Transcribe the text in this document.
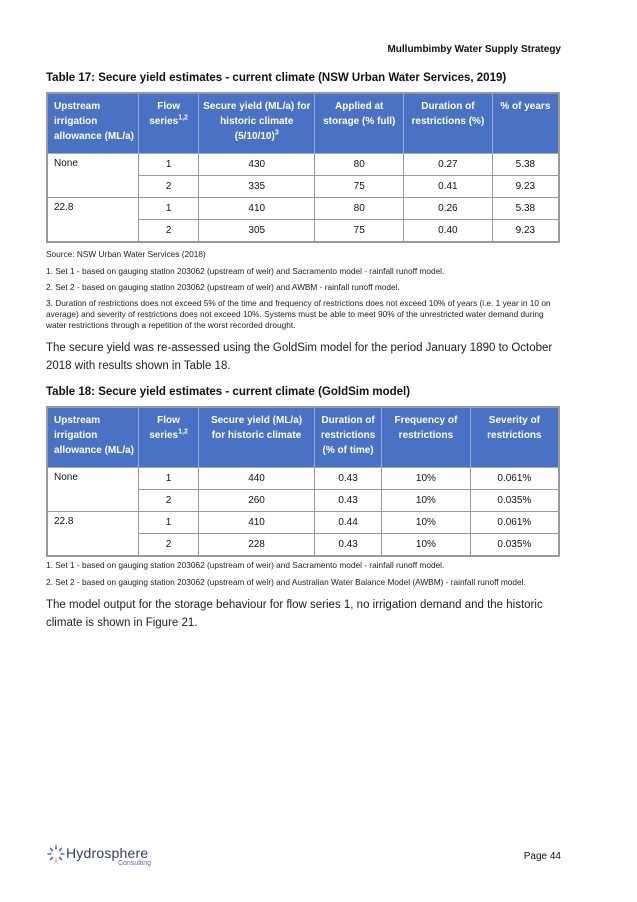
Mullumbimby Water Supply Strategy
Table 17: Secure yield estimates - current climate (NSW Urban Water Services, 2019)
Upstream irrigation allowance (ML/a)	Flow series$^{1,2}$	Secure yield (ML/a) for historic climate $(5/10/10)^3$	Applied at storage (% full)	Duration of restrictions (%)	% of years
None	1	430	80	0.27	5.38
	2	335	75	0.41	9.23
22.8	1	410	80	0.26	5.38
	2	305	75	0.40	9.23
Source: NSW Urban Water Services (2018)
1. Set 1 - based on gauging station 203062 (upstream of weir) and Sacramento model - rainfall runoff model.
2. Set 2 - based on gauging station 203062 (upstream of weir) and AWBM - rainfall runoff model.
3. Duration of restrictions does not exceed 5% of the time and frequency of restrictions does not exceed 10% of years (i.e. 1 year in 10 on average) and severity of restrictions does not exceed 10%. Systems must be able to meet 90% of the unrestricted water demand during water restrictions through a repetition of the worst recorded drought.
The secure yield was re-assessed using the GoldSim model for the period January 1890 to October 2018 with results shown in Table 18.
Table 18: Secure yield estimates - current climate (GoldSim model)
Upstream irrigation allowance (ML/a)	Flow series$^{1,2}$	Secure yield (ML/a) for historic climate	Duration of restrictions (% of time)	Frequency of restrictions	Severity of restrictions
None	1	440	0.43	10%	0.061%
	2	260	0.43	10%	0.035%
22.8	1	410	0.44	10%	0.061%
	2	228	0.43	10%	0.035%
1. Set 1 - based on gauging station 203062 (upstream of weir) and Sacramento model - rainfall runoff model.
2. Set 2 - based on gauging station 203062 (upstream of weir) and Australian Water Balance Model (AWBM) - rainfall runoff model.
The model output for the storage behaviour for flow series 1, no irrigation demand and the historic climate is shown in Figure 21.
Hydrosphere
Consulting
Page 44
